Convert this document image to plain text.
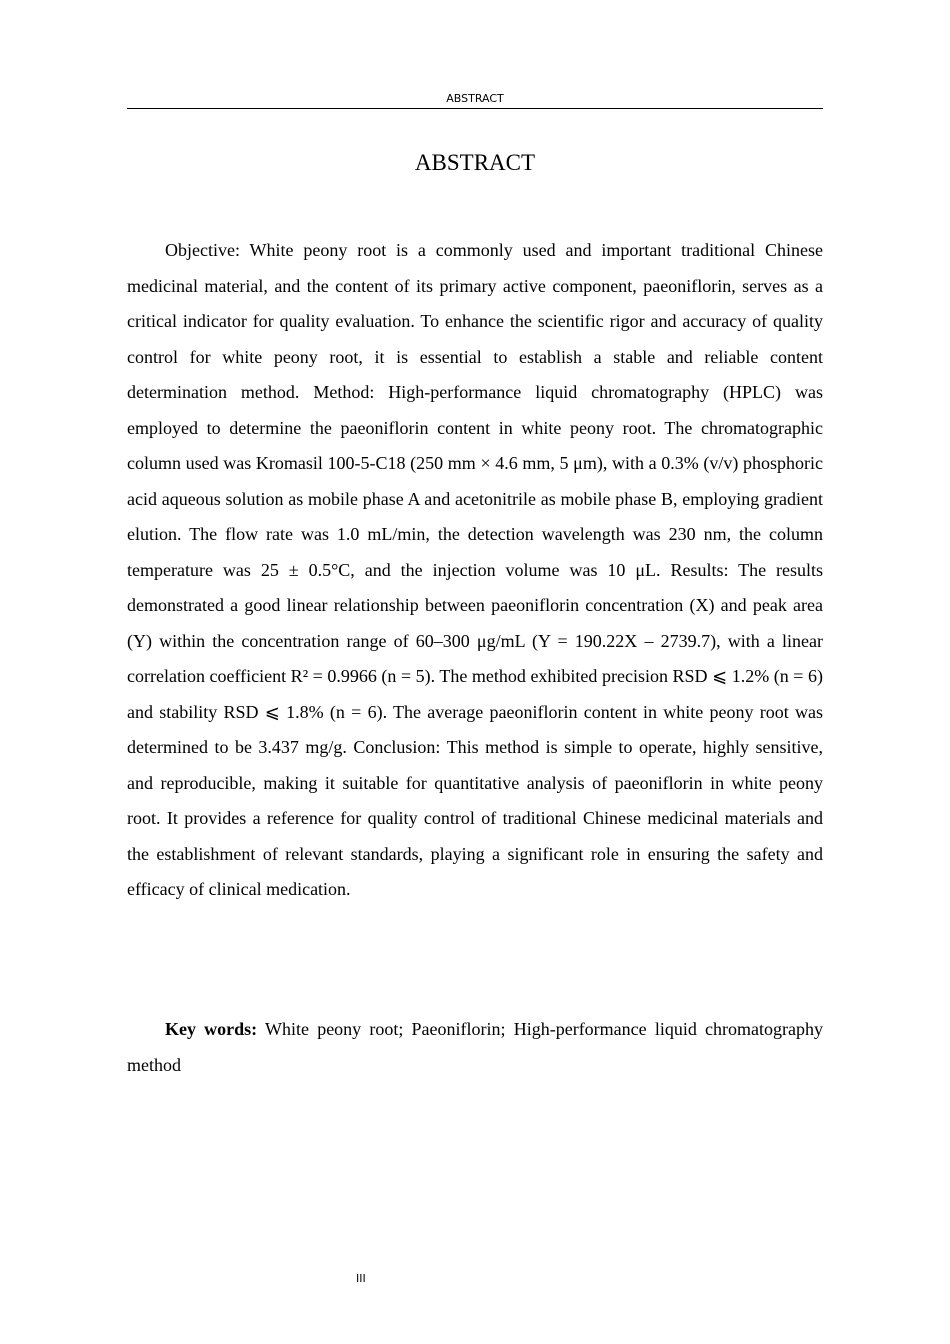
ABSTRACT
ABSTRACT

Objective: White peony root is a commonly used and important traditional Chinese medicinal material, and the content of its primary active component, paeoniflorin, serves as a critical indicator for quality evaluation. To enhance the scientific rigor and accuracy of quality control for white peony root, it is essential to establish a stable and reliable content determination method. Method: High-performance liquid chromatography (HPLC) was employed to determine the paeoniflorin content in white peony root. The chromatographic column used was Kromasil 100-5-C18 (250 mm × 4.6 mm, 5 μm), with a 0.3% (v/v) phosphoric acid aqueous solution as mobile phase A and acetonitrile as mobile phase B, employing gradient elution. The flow rate was 1.0 mL/min, the detection wavelength was 230 nm, the column temperature was 25 ± 0.5°C, and the injection volume was 10 μL. Results: The results demonstrated a good linear relationship between paeoniflorin concentration (X) and peak area (Y) within the concentration range of 60–300 μg/mL (Y = 190.22X – 2739.7), with a linear correlation coefficient R² = 0.9966 (n = 5). The method exhibited precision RSD ⩽ 1.2% (n = 6) and stability RSD ⩽ 1.8% (n = 6). The average paeoniflorin content in white peony root was determined to be 3.437 mg/g. Conclusion: This method is simple to operate, highly sensitive, and reproducible, making it suitable for quantitative analysis of paeoniflorin in white peony root. It provides a reference for quality control of traditional Chinese medicinal materials and the establishment of relevant standards, playing a significant role in ensuring the safety and efficacy of clinical medication.

Key words: White peony root; Paeoniflorin; High-performance liquid chromatography method

III
